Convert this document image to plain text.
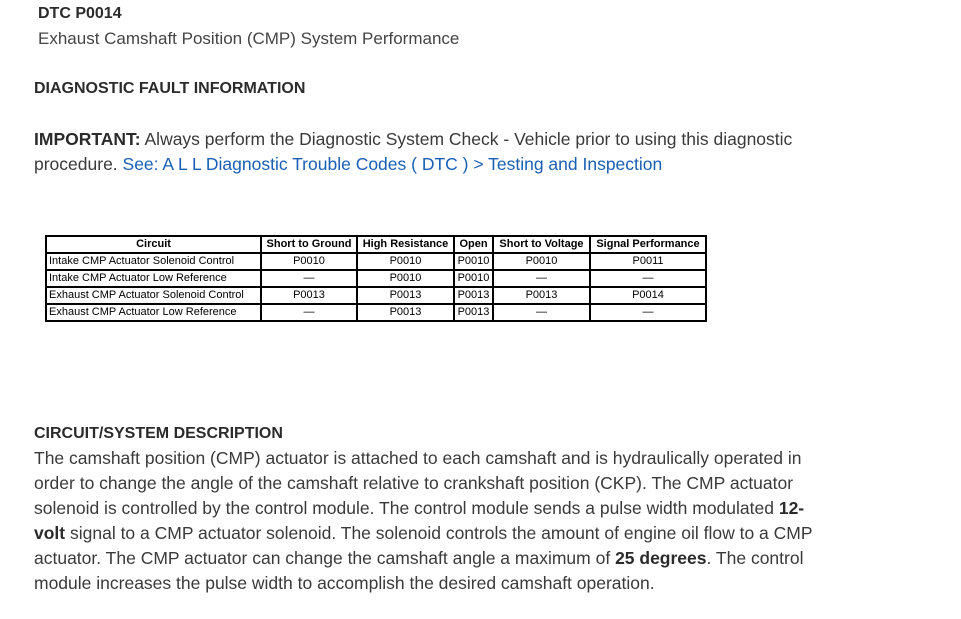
DTC P0014
Exhaust Camshaft Position (CMP) System Performance
DIAGNOSTIC FAULT INFORMATION
IMPORTANT: Always perform the Diagnostic System Check - Vehicle prior to using this diagnostic procedure. See: A L L Diagnostic Trouble Codes ( DTC ) > Testing and Inspection
Circuit	Short to Ground	High Resistance	Open	Short to Voltage	Signal Performance
Intake CMP Actuator Solenoid Control	P0010	P0010	P0010	P0010	P0011
Intake CMP Actuator Low Reference	—	P0010	P0010	—	—
Exhaust CMP Actuator Solenoid Control	P0013	P0013	P0013	P0013	P0014
Exhaust CMP Actuator Low Reference	—	P0013	P0013	—	—
CIRCUIT/SYSTEM DESCRIPTION
The camshaft position (CMP) actuator is attached to each camshaft and is hydraulically operated in order to change the angle of the camshaft relative to crankshaft position (CKP). The CMP actuator solenoid is controlled by the control module. The control module sends a pulse width modulated 12-volt signal to a CMP actuator solenoid. The solenoid controls the amount of engine oil flow to a CMP actuator. The CMP actuator can change the camshaft angle a maximum of 25 degrees. The control module increases the pulse width to accomplish the desired camshaft operation.
